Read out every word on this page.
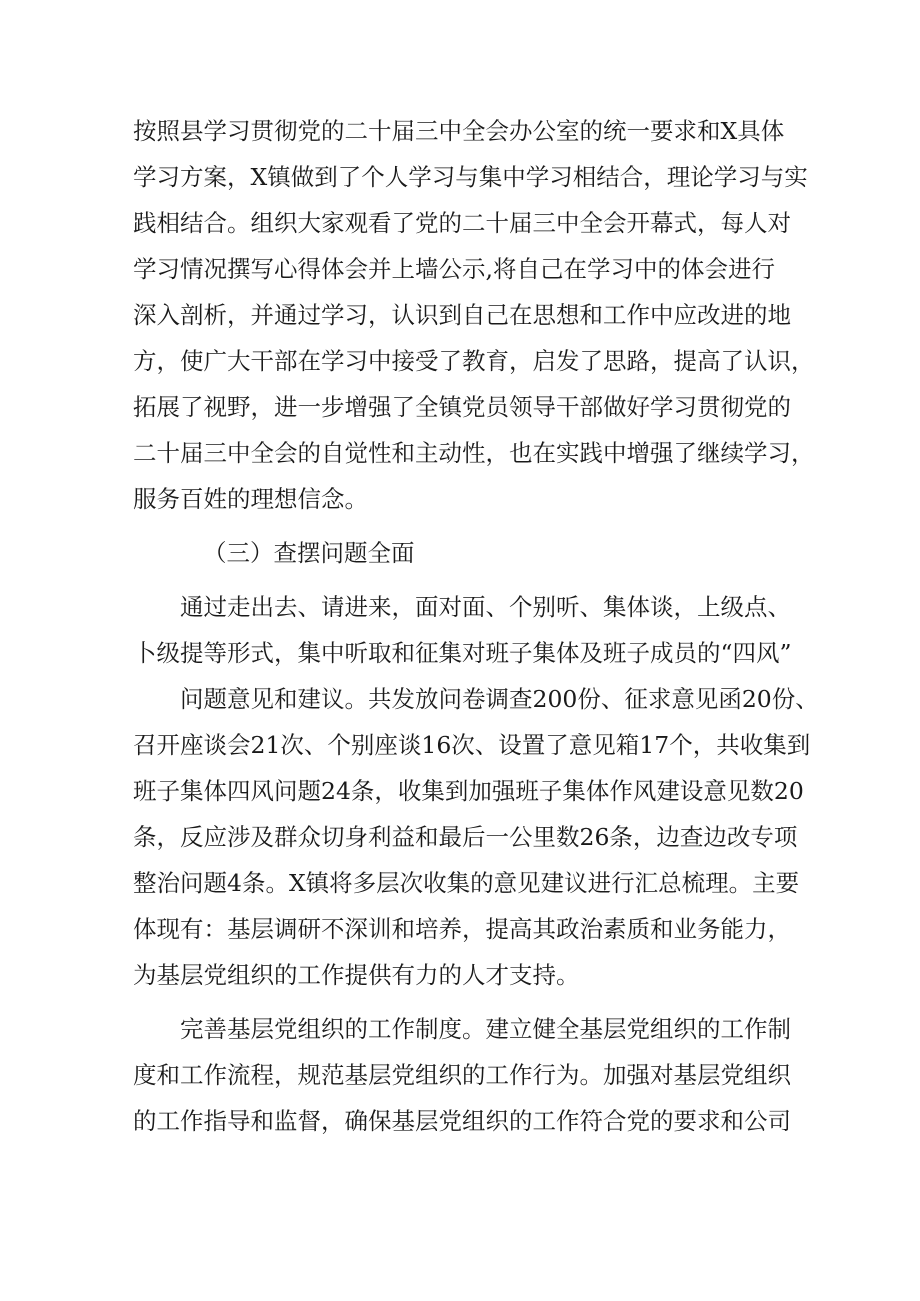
按照县学习贯彻党的二十届三中全会办公室的统一要求和X具体
学习方案，X镇做到了个人学习与集中学习相结合，理论学习与实
践相结合。组织大家观看了党的二十届三中全会开幕式，每人对
学习情况撰写心得体会并上墙公示,将自己在学习中的体会进行
深入剖析，并通过学习，认识到自己在思想和工作中应改进的地
方，使广大干部在学习中接受了教育，启发了思路，提高了认识，
拓展了视野，进一步增强了全镇党员领导干部做好学习贯彻党的
二十届三中全会的自觉性和主动性，也在实践中增强了继续学习，
服务百姓的理想信念。
（三）查摆问题全面
通过走出去、请进来，面对面、个别听、集体谈，上级点、
卜级提等形式，集中听取和征集对班子集体及班子成员的“四风”
问题意见和建议。共发放问卷调查200份、征求意见函20份、
召开座谈会21次、个别座谈16次、设置了意见箱17个，共收集到
班子集体四风问题24条，收集到加强班子集体作风建设意见数20
条，反应涉及群众切身利益和最后一公里数26条，边查边改专项
整治问题4条。X镇将多层次收集的意见建议进行汇总梳理。主要
体现有：基层调研不深训和培养，提高其政治素质和业务能力，
为基层党组织的工作提供有力的人才支持。
完善基层党组织的工作制度。建立健全基层党组织的工作制
度和工作流程，规范基层党组织的工作行为。加强对基层党组织
的工作指导和监督，确保基层党组织的工作符合党的要求和公司
